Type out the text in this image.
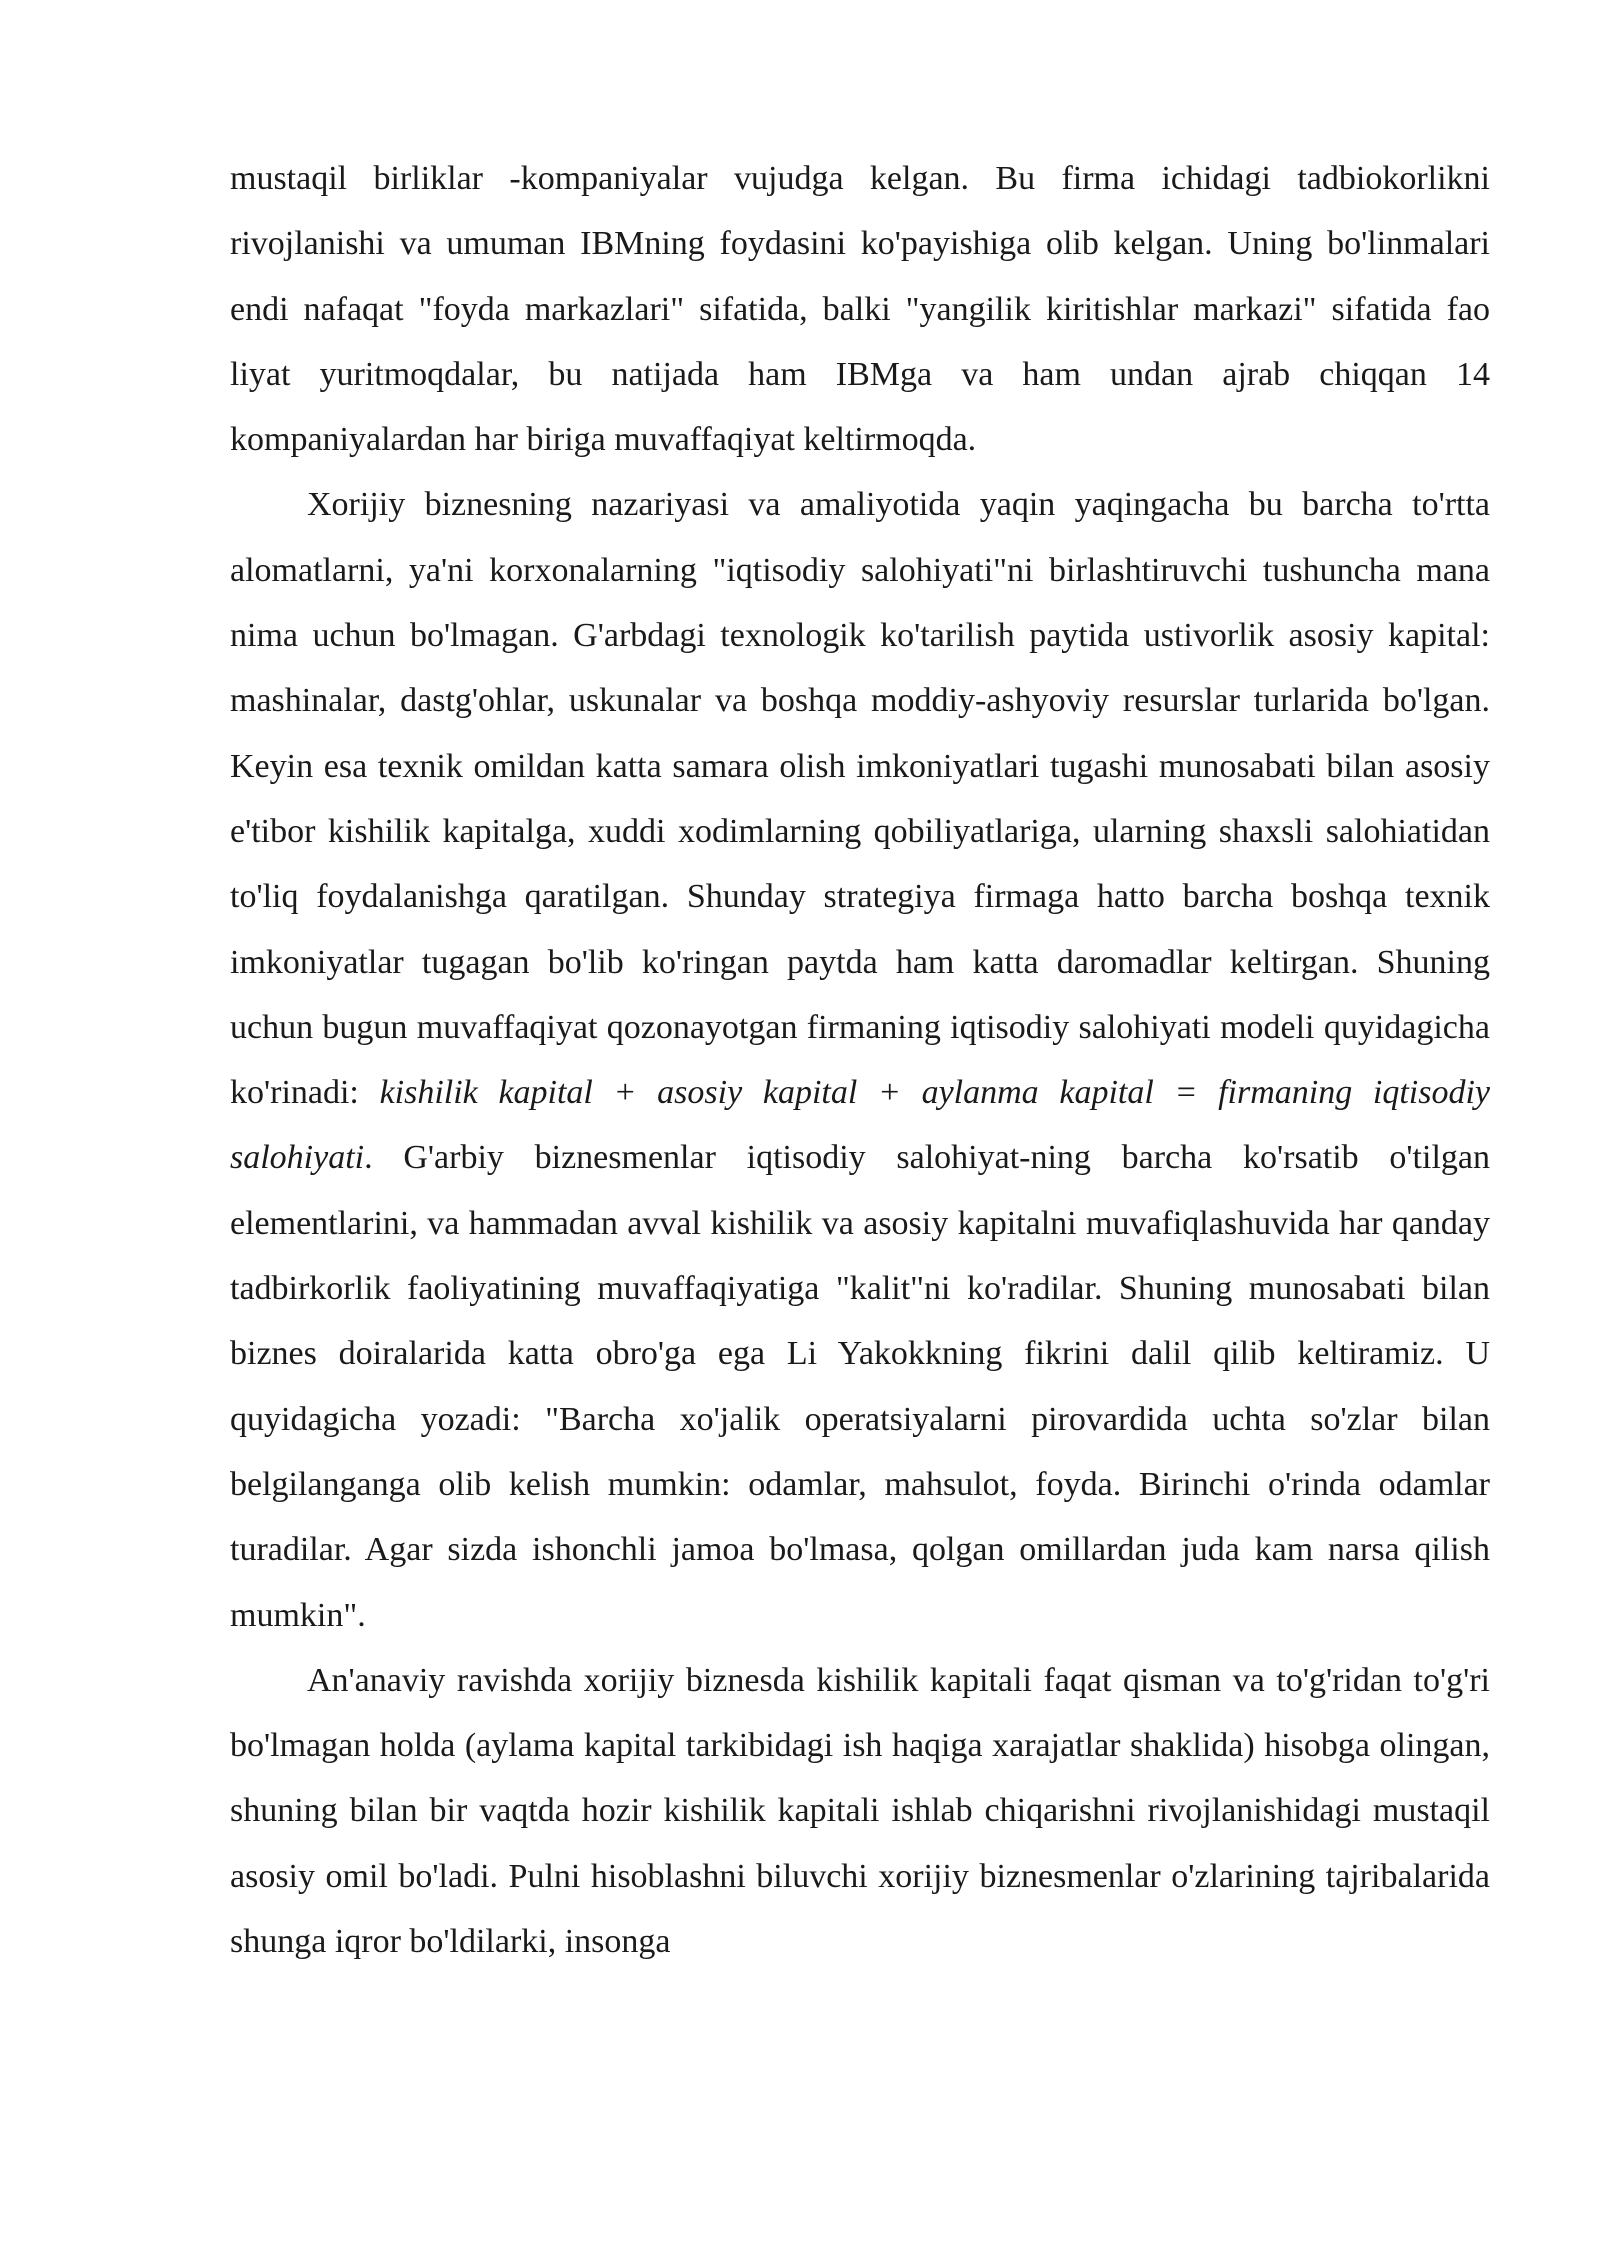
mustaqil birliklar -kompaniyalar vujudga kelgan. Bu firma ichidagi tadbiokorlikni rivojlanishi va umuman IBMning foydasini ko'payishiga olib kelgan. Uning bo'linmalari endi nafaqat "foyda markazlari" sifatida, balki "yangilik kiritishlar markazi" sifatida fao liyat yuritmoqdalar, bu natijada ham IBMga va ham undan ajrab chiqqan 14 kompaniyalardan har biriga muvaffaqiyat keltirmoqda.

Xorijiy biznesning nazariyasi va amaliyotida yaqin yaqingacha bu barcha to'rtta alomatlarni, ya'ni korxonalarning "iqtisodiy salohiyati"ni birlashtiruvchi tushuncha mana nima uchun bo'lmagan. G'arbdagi texnologik ko'tarilish paytida ustivorlik asosiy kapital: mashinalar, dastg'ohlar, uskunalar va boshqa moddiy-ashyoviy resurslar turlarida bo'lgan. Keyin esa texnik omildan katta samara olish imkoniyatlari tugashi munosabati bilan asosiy e'tibor kishilik kapitalga, xuddi xodimlarning qobiliyatlariga, ularning shaxsli salohiatidan to'liq foydalanishga qaratilgan. Shunday strategiya firmaga hatto barcha boshqa texnik imkoniyatlar tugagan bo'lib ko'ringan paytda ham katta daromadlar keltirgan. Shuning uchun bugun muvaffaqiyat qozonayotgan firmaning iqtisodiy salohiyati modeli quyidagicha ko'rinadi: kishilik kapital + asosiy kapital + aylanma kapital = firmaning iqtisodiy salohiyati. G'arbiy biznesmenlar iqtisodiy salohiyat-ning barcha ko'rsatib o'tilgan elementlarini, va hammadan avval kishilik va asosiy kapitalni muvafiqlashuvida har qanday tadbirkorlik faoliyatining muvaffaqiyatiga "kalit"ni ko'radilar. Shuning munosabati bilan biznes doiralarida katta obro'ga ega Li Yakokkning fikrini dalil qilib keltiramiz. U quyidagicha yozadi: "Barcha xo'jalik operatsiyalarni pirovardida uchta so'zlar bilan belgilanganga olib kelish mumkin: odamlar, mahsulot, foyda. Birinchi o'rinda odamlar turadilar. Agar sizda ishonchli jamoa bo'lmasa, qolgan omillardan juda kam narsa qilish mumkin".

An'anaviy ravishda xorijiy biznesda kishilik kapitali faqat qisman va to'g'ridan to'g'ri bo'lmagan holda (aylama kapital tarkibidagi ish haqiga xarajatlar shaklida) hisobga olingan, shuning bilan bir vaqtda hozir kishilik kapitali ishlab chiqarishni rivojlanishidagi mustaqil asosiy omil bo'ladi. Pulni hisoblashni biluvchi xorijiy biznesmenlar o'zlarining tajribalarida shunga iqror bo'ldilarki, insonga
